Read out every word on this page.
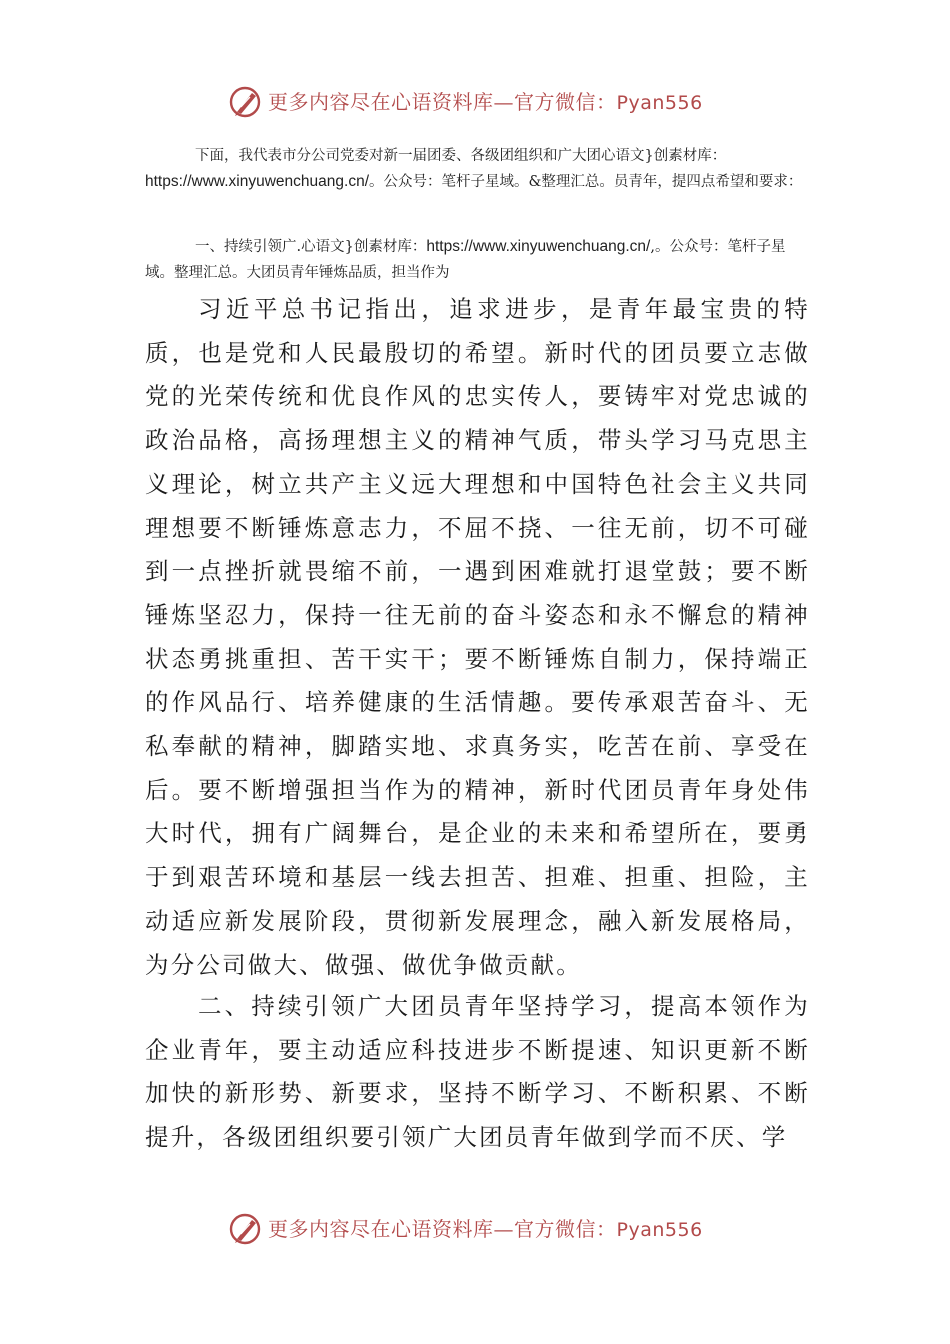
更多内容尽在心语资料库—官方微信：Pyan556

下面，我代表市分公司党委对新一届团委、各级团组织和广大团心语文}创素材库：https://www.xinyuwenchuang.cn/。公众号：笔杆子星域。&整理汇总。员青年，提四点希望和要求：

一、持续引领广.心语文}创素材库：https://www.xinyuwenchuang.cn/,。公众号：笔杆子星域。整理汇总。大团员青年锤炼品质，担当作为

习近平总书记指出，追求进步，是青年最宝贵的特质，也是党和人民最殷切的希望。新时代的团员要立志做党的光荣传统和优良作风的忠实传人，要铸牢对党忠诚的政治品格，高扬理想主义的精神气质，带头学习马克思主义理论，树立共产主义远大理想和中国特色社会主义共同理想要不断锤炼意志力，不屈不挠、一往无前，切不可碰到一点挫折就畏缩不前，一遇到困难就打退堂鼓；要不断锤炼坚忍力，保持一往无前的奋斗姿态和永不懈怠的精神状态勇挑重担、苦干实干；要不断锤炼自制力，保持端正的作风品行、培养健康的生活情趣。要传承艰苦奋斗、无私奉献的精神，脚踏实地、求真务实，吃苦在前、享受在后。要不断增强担当作为的精神，新时代团员青年身处伟大时代，拥有广阔舞台，是企业的未来和希望所在，要勇于到艰苦环境和基层一线去担苦、担难、担重、担险，主动适应新发展阶段，贯彻新发展理念，融入新发展格局，为分公司做大、做强、做优争做贡献。

二、持续引领广大团员青年坚持学习，提高本领作为企业青年，要主动适应科技进步不断提速、知识更新不断加快的新形势、新要求，坚持不断学习、不断积累、不断提升，各级团组织要引领广大团员青年做到学而不厌、学

更多内容尽在心语资料库—官方微信：Pyan556
